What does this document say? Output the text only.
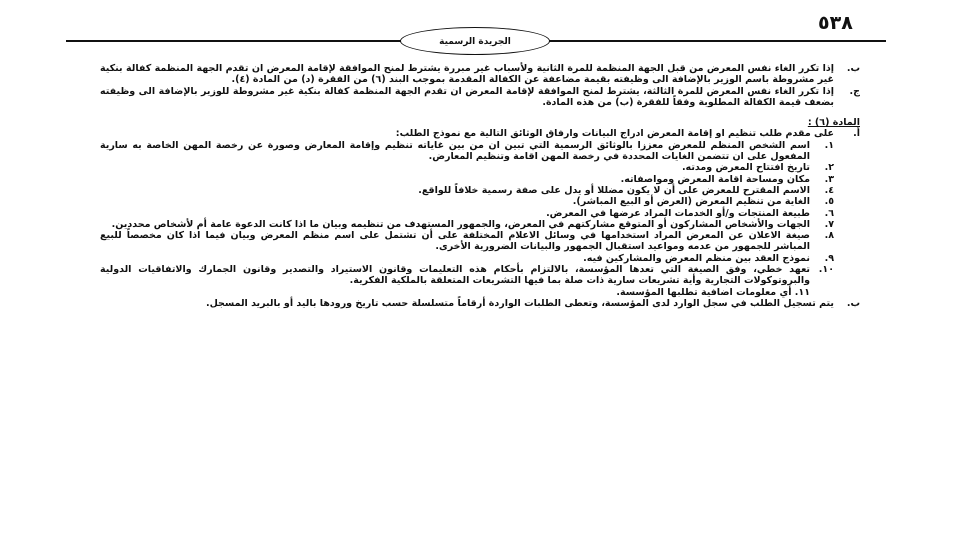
٥٣٨
الجريدة الرسمية
ب.
إذا تكرر الغاء نفس المعرض من قبل الجهة المنظمة للمرة الثانية ولأسباب غير مبررة يشترط لمنح الموافقة لإقامة المعرض ان تقدم الجهة المنظمة كفالة بنكية غير مشروطة باسم الوزير بالإضافة الى وظيفته بقيمة مضاعفة عن الكفالة المقدمة بموجب البند (٦) من الفقرة (د) من المادة (٤).
ج.
إذا تكرر الغاء نفس المعرض للمرة الثالثة، يشترط لمنح الموافقة لإقامة المعرض ان تقدم الجهة المنظمة كفالة بنكية غير مشروطة للوزير بالإضافة الى وظيفته بضعف قيمة الكفالة المطلوبة وفقاً للفقرة (ب) من هذه المادة.
المادة (٦) :
أ.
على مقدم طلب تنظيم او إقامة المعرض ادراج البيانات وارفاق الوثائق التالية مع نموذج الطلب:
١.
اسم الشخص المنظم للمعرض معززا بالوثائق الرسمية التي تبين ان من بين غاياته تنظيم وإقامة المعارض وصورة عن رخصة المهن الخاصة به سارية المفعول على ان تتضمن الغايات المحددة في رخصة المهن اقامة وتنظيم المعارض.
٢.
تاريخ افتتاح المعرض ومدته.
٣.
مكان ومساحة اقامة المعرض ومواصفاته.
٤.
الاسم المقترح للمعرض على أن لا يكون مضللا أو يدل على صفة رسمية خلافاً للواقع.
٥.
الغاية من تنظيم المعرض (العرض أو البيع المباشر).
٦.
طبيعة المنتجات و/أو الخدمات المراد عرضها في المعرض.
٧.
الجهات والأشخاص المشاركون أو المتوقع مشاركتهم في المعرض، والجمهور المستهدف من تنظيمه وبيان ما اذا كانت الدعوة عامة أم لأشخاص محددين.
٨.
صيغة الاعلان عن المعرض المراد استخدامها في وسائل الاعلام المختلفة على أن تشتمل على اسم منظم المعرض وبيان فيما اذا كان مخصصاً للبيع المباشر للجمهور من عدمه ومواعيد استقبال الجمهور والبيانات الضرورية الأخرى.
٩.
نموذج العقد بين منظم المعرض والمشاركين فيه.
١٠.
تعهد خطي، وفق الصيغة التي تعدها المؤسسة، بالالتزام بأحكام هذه التعليمات وقانون الاستيراد والتصدير وقانون الجمارك والاتفاقيات الدولية والبروتوكولات التجارية وأية تشريعات سارية ذات صلة بما فيها التشريعات المتعلقة بالملكية الفكرية.
١١. أي معلومات اضافية تطلبها المؤسسة.
ب.
يتم تسجيل الطلب في سجل الوارد لدى المؤسسة، وتعطى الطلبات الواردة أرقاماً متسلسلة حسب تاريخ ورودها باليد أو بالبريد المسجل.
